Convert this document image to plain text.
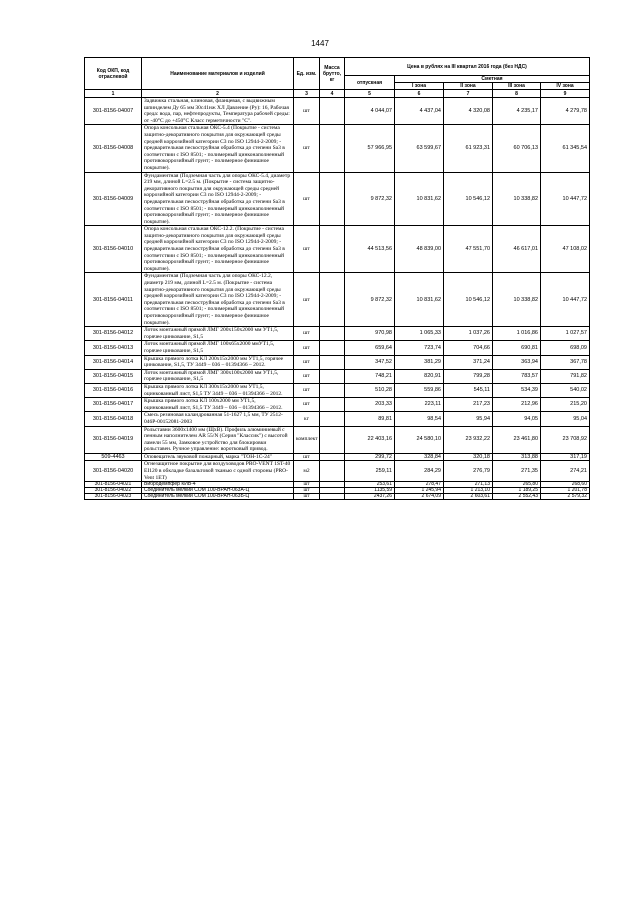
1447
Код ОКП, код отраслевой	Наименование материалов и изделий	Ед. изм.	Масса брутто, кг	Цена в рублях на III квартал 2016 года (без НДС)				
				отпускная	Сметная			
					I зона	II зона	III зона	IV зона
1	2	3	4	5	6	7	8	9
301-8156-04007	Задвижка стальная, клиновая, фланцевая, с выдвижным шпинделем Ду 65 мм 30с41нж ХЛ Давление (Ру): 16, Рабочая среда: вода, пар, нефтепродукты, Температура рабочей среды: от -40°С до +450°С Класс герметичности "С".	шт		4 044,07	4 437,04	4 320,08	4 235,17	4 279,78
301-8156-04008	Опора консольная стальная ОКС-5.4 (Покрытие - система защитно-декоративного покрытия для окружающей среды средней коррозийной категории С3 по ISO 12944-2-2009; - предварительная пескоструйная обработка до степени Sa3 в соответствии с ISO 8501; - полимерный цинконаполненный противокоррозийный грунт; - полимерное финишное покрытие).	шт		57 966,95	63 599,67	61 923,31	60 706,13	61 345,54
301-8156-04009	Фундаментная (Подземная часть для опоры ОКС-5.4, диаметр 219 мм, длиной L=2.5 м. (Покрытие - система защитно-декоративного покрытия для окружающей среды средней коррозийной категории С3 по ISO 12944-2-2009; - предварительная пескоструйная обработка до степени Sa3 в соответствии с ISO 8501; - полимерный цинконаполненный противокоррозийный грунт; - полимерное финишное покрытие).	шт		9 872,32	10 831,62	10 546,12	10 338,82	10 447,72
301-8156-04010	Опора консольная стальная ОКС-12.2. (Покрытие - система защитно-декоративного покрытия для окружающей среды средней коррозийной категории С3 по ISO 12944-2-2009; - предварительная пескоструйная обработка до степени Sa3 в соответствии с ISO 8501; - полимерный цинконаполненный противокоррозийный грунт; - полимерное финишное покрытие).	шт		44 513,56	48 839,00	47 551,70	46 617,01	47 108,02
301-8156-04011	Фундаментная (Подземная часть для опоры ОКС-12.2, диаметр 219 мм, длиной L=2.5 м. (Покрытие - система защитно-декоративного покрытия для окружающей среды средней коррозийной категории С3 по ISO 12944-2-2009; - предварительная пескоструйная обработка до степени Sa3 в соответствии с ISO 8501; - полимерный цинконаполненный противокоррозийный грунт; - полимерное финишное покрытие).	шт		9 872,32	10 831,62	10 546,12	10 338,82	10 447,72
301-8156-04012	Лоток монтажный прямой ЛМГ 200х150х2000 мм УТ1,5, горячее цинкование, S1,5	шт		970,98	1 065,33	1 037,26	1 016,86	1 027,57
301-8156-04013	Лоток монтажный прямой ЛМГ 100х65х2000 ммУТ1,5, горячее цинкование, S1,5	шт		659,64	723,74	704,66	690,81	698,09
301-8156-04014	Крышка прямого лотка КЛ 200х15х2000 мм УТ1,5, горячее цинкование, S1,5, ТУ 3449 – 036 – 01394366 – 2012.	шт		347,52	381,29	371,24	363,94	367,78
301-8156-04015	Лоток монтажный прямой ЛМГ 300х100х2000 мм УТ1,5, горячее цинкование, S1,5	шт		748,21	820,91	799,28	783,57	791,82
301-8156-04016	Крышка прямого лотка КЛ 300х15х2000 мм УТ1,5, оцинкованный лист, S1,5 ТУ 3449 – 036 – 01394366 – 2012.	шт		510,28	559,86	545,11	534,39	540,02
301-8156-04017	Крышка прямого лотка КЛ 100х2000 мм УТ1,5, оцинкованный лист, S1,5 ТУ 3449 – 036 – 01394366 – 2012.	шт		203,33	223,11	217,23	212,96	215,20
301-8156-04018	Смесь резиновая каландрованная 51-1627 1,5 мм, ТУ 2512-046Р-00152081-2003	кг		89,81	98,54	95,94	94,05	95,04
301-8156-04019	Рольставни 3600х1400 мм (ЩхВ). Профиль алюминиевый с пенным наполнителем AR 55/N (Серия "Классик") с высотой ламели 55 мм, Замковое устройство для блокировки рольставен. Ручное управление: воротковый привод.	комплект		22 403,16	24 580,10	23 932,22	23 461,80	23 708,92
509-4463	Оповещатель звуковой пожарный, марка "ТОН-1С-24"	шт		299,72	328,84	320,18	313,88	317,19
301-8156-04020	Огнезащитное покрытие для воздуховодов PRO-VENT 1ST-40 EI120 в обкладке базальтовой тканью с одной стороны (PRO-Vent 1ET)	м2		259,11	284,29	276,79	271,35	274,21
301-8156-04021	Вибродемпфер КИВ-4	шт		253,61	278,47	271,13	265,80	268,60
301-8156-04022	Соединитель мелкий СОМ 100-ВРАН-063А-Ц	шт		1135,59	1 245,94	1 213,10	1 189,25	1 201,78
301-8156-04023	Соединитель мелкий СОМ 100-ВРАН-063Б-Ц	шт		2437,26	2 674,09	2 603,61	2 552,43	2 579,32
